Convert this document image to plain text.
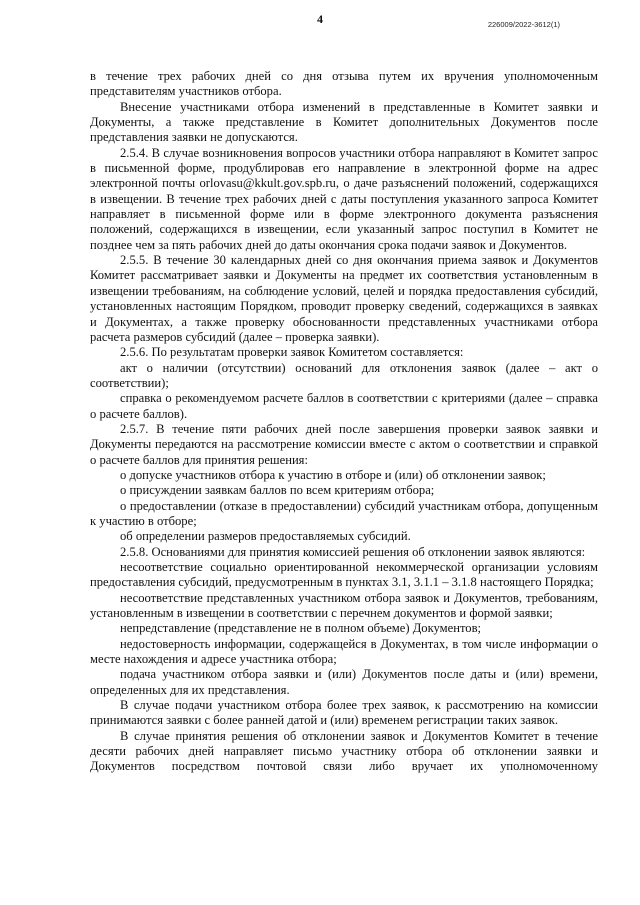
4	226009/2022-3612(1)

в течение трех рабочих дней со дня отзыва путем их вручения уполномоченным представителям участников отбора.

Внесение участниками отбора изменений в представленные в Комитет заявки и Документы, а также представление в Комитет дополнительных Документов после представления заявки не допускаются.

2.5.4. В случае возникновения вопросов участники отбора направляют в Комитет запрос в письменной форме, продублировав его направление в электронной форме на адрес электронной почты orlovasu@kkult.gov.spb.ru, о даче разъяснений положений, содержащихся в извещении. В течение трех рабочих дней с даты поступления указанного запроса Комитет направляет в письменной форме или в форме электронного документа разъяснения положений, содержащихся в извещении, если указанный запрос поступил в Комитет не позднее чем за пять рабочих дней до даты окончания срока подачи заявок и Документов.

2.5.5. В течение 30 календарных дней со дня окончания приема заявок и Документов Комитет рассматривает заявки и Документы на предмет их соответствия установленным в извещении требованиям, на соблюдение условий, целей и порядка предоставления субсидий, установленных настоящим Порядком, проводит проверку сведений, содержащихся в заявках и Документах, а также проверку обоснованности представленных участниками отбора расчета размеров субсидий (далее – проверка заявки).

2.5.6. По результатам проверки заявок Комитетом составляется:

акт о наличии (отсутствии) оснований для отклонения заявок (далее – акт о соответствии);

справка о рекомендуемом расчете баллов в соответствии с критериями (далее – справка о расчете баллов).

2.5.7. В течение пяти рабочих дней после завершения проверки заявок заявки и Документы передаются на рассмотрение комиссии вместе с актом о соответствии и справкой о расчете баллов для принятия решения:

о допуске участников отбора к участию в отборе и (или) об отклонении заявок;

о присуждении заявкам баллов по всем критериям отбора;

о предоставлении (отказе в предоставлении) субсидий участникам отбора, допущенным к участию в отборе;

об определении размеров предоставляемых субсидий.

2.5.8. Основаниями для принятия комиссией решения об отклонении заявок являются:

несоответствие социально ориентированной некоммерческой организации условиям предоставления субсидий, предусмотренным в пунктах 3.1, 3.1.1 – 3.1.8 настоящего Порядка;

несоответствие представленных участником отбора заявок и Документов, требованиям, установленным в извещении в соответствии с перечнем документов и формой заявки;

непредставление (представление не в полном объеме) Документов;

недостоверность информации, содержащейся в Документах, в том числе информации о месте нахождения и адресе участника отбора;

подача участником отбора заявки и (или) Документов после даты и (или) времени, определенных для их представления.

В случае подачи участником отбора более трех заявок, к рассмотрению на комиссии принимаются заявки с более ранней датой и (или) временем регистрации таких заявок.

В случае принятия решения об отклонении заявок и Документов Комитет в течение десяти рабочих дней направляет письмо участнику отбора об отклонении заявки и Документов посредством почтовой связи либо вручает их уполномоченному
